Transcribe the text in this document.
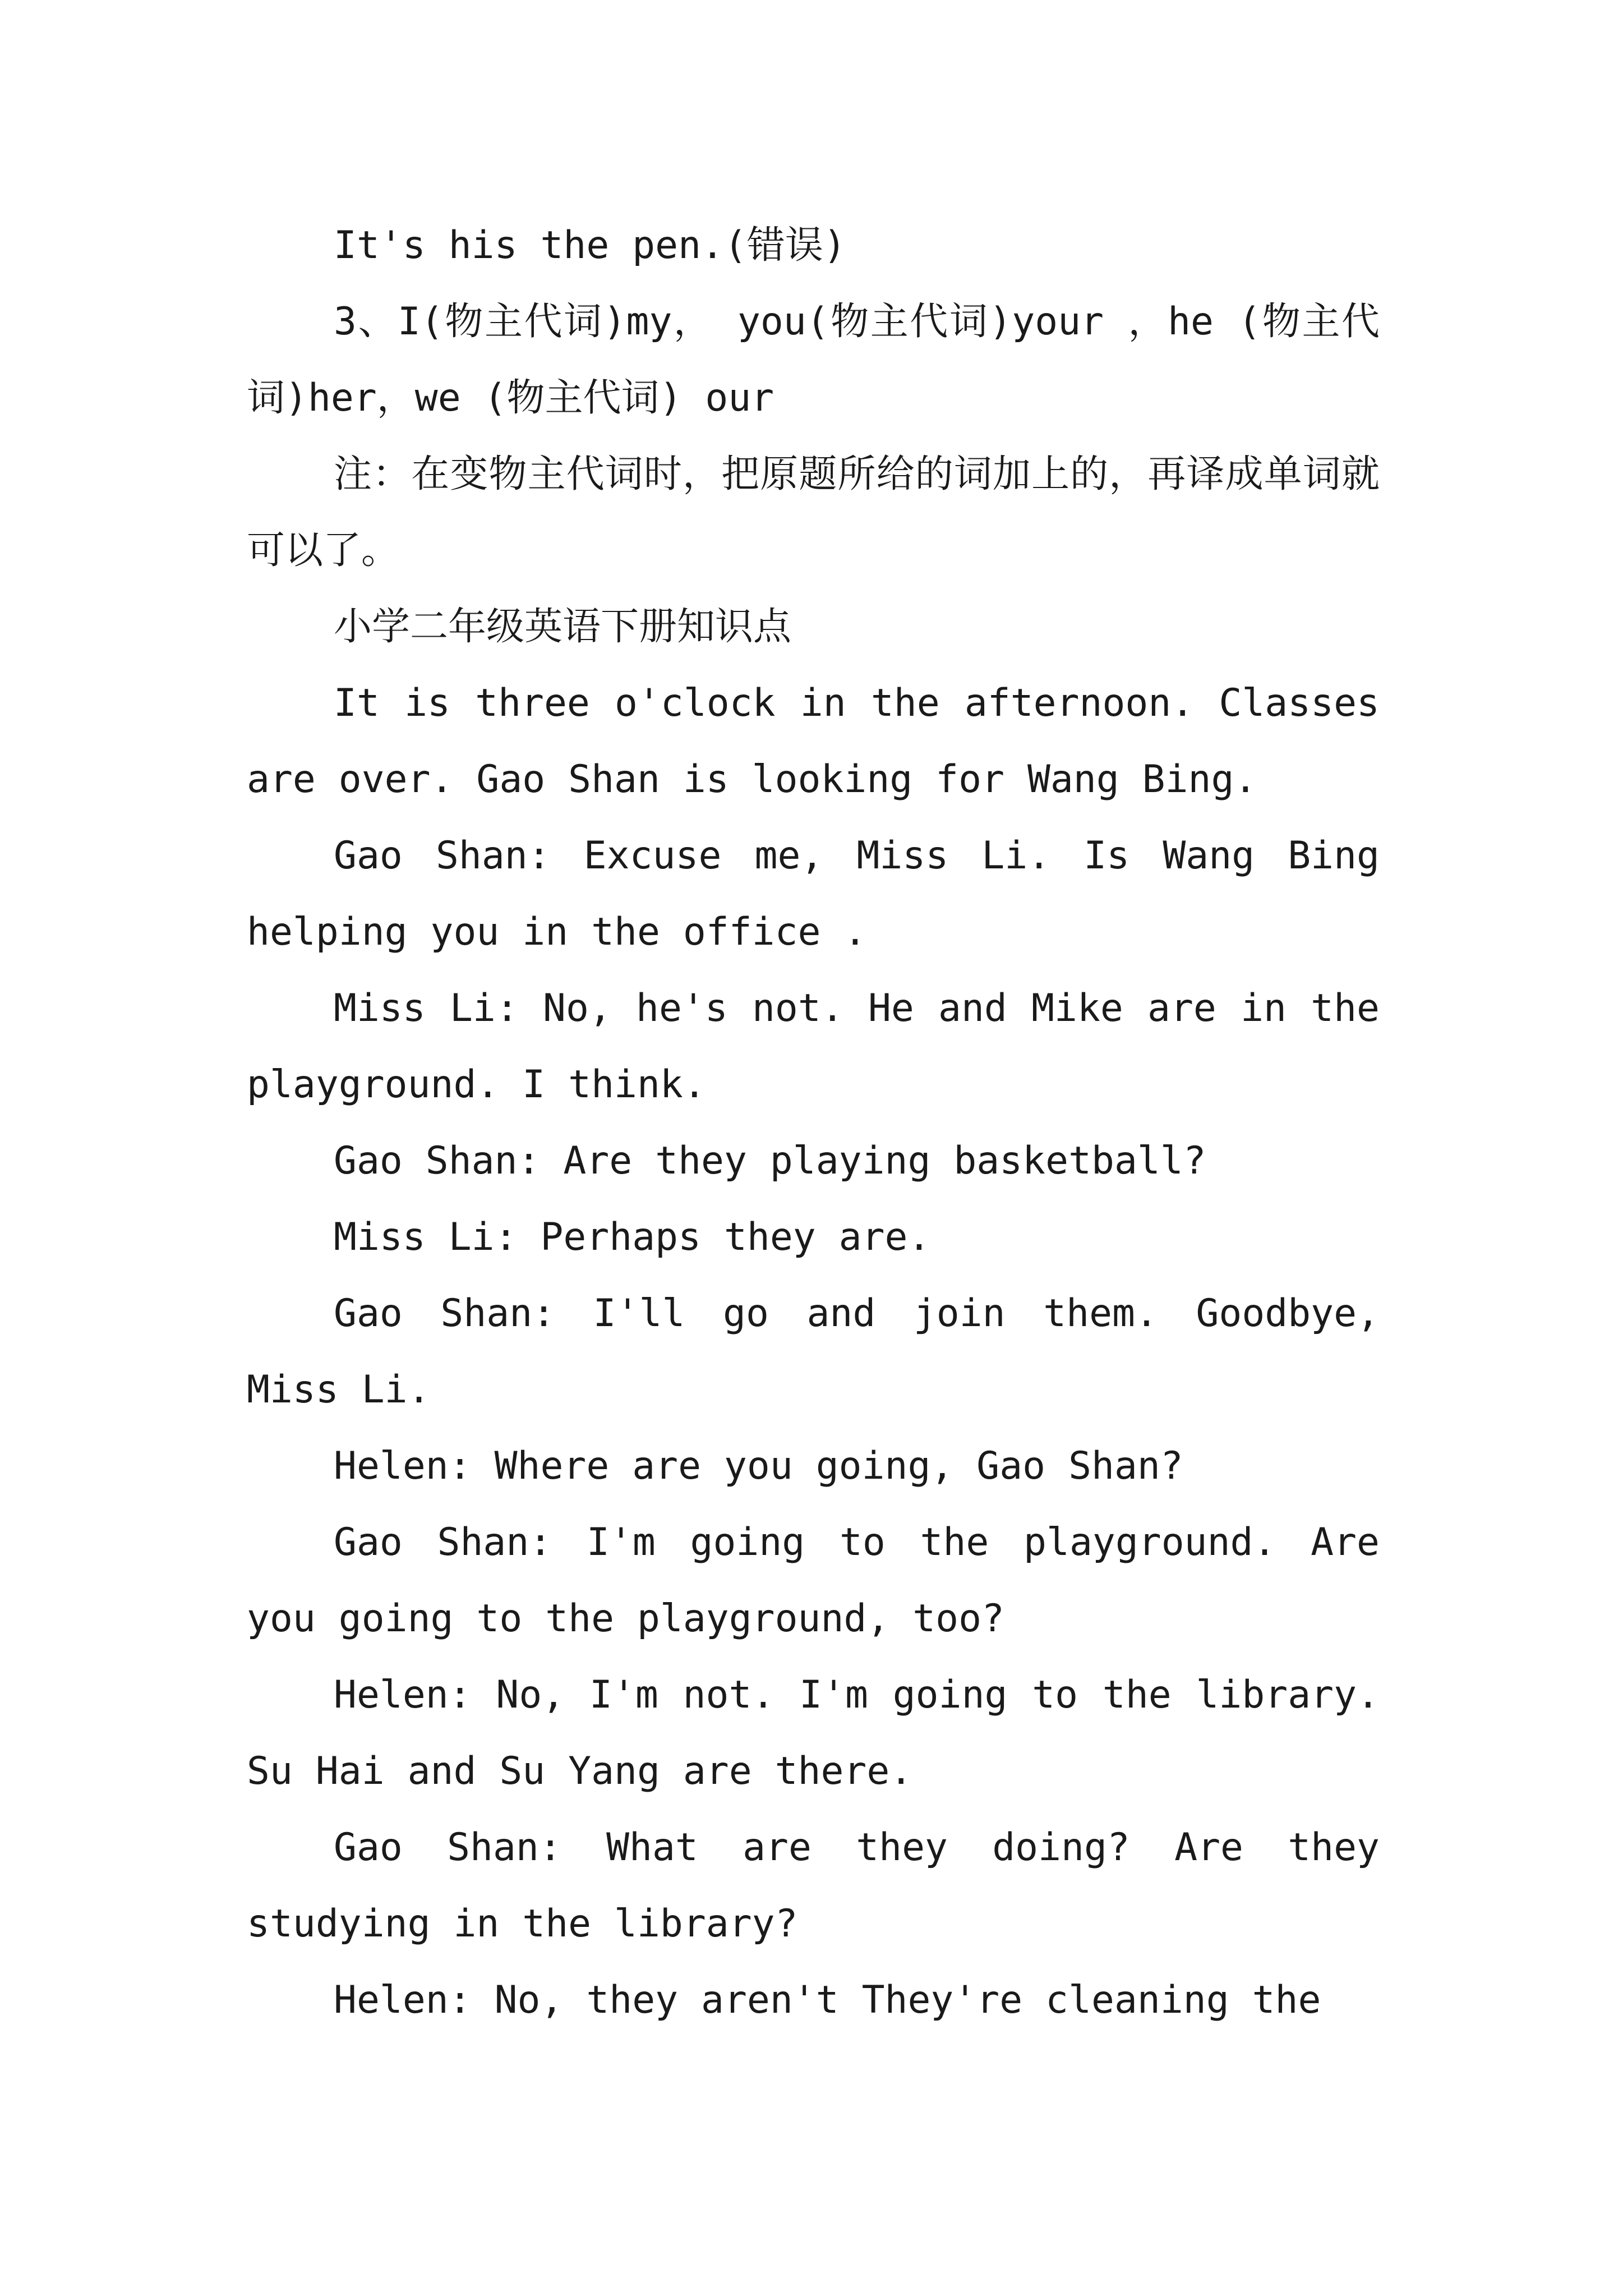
It's his the pen.(错误)

3、I(物主代词)my， you(物主代词)your ，he (物主代词)her，we (物主代词) our

注：在变物主代词时，把原题所给的词加上的，再译成单词就可以了。

小学二年级英语下册知识点

It is three o'clock in the afternoon. Classes are over. Gao Shan is looking for Wang Bing.

Gao Shan: Excuse me, Miss Li. Is Wang Bing helping you in the office .

Miss Li: No, he's not. He and Mike are in the playground. I think.

Gao Shan: Are they playing basketball?

Miss Li: Perhaps they are.

Gao Shan: I'll go and join them. Goodbye, Miss Li.

Helen: Where are you going, Gao Shan?

Gao Shan: I'm going to the playground. Are you going to the playground, too?

Helen: No, I'm not. I'm going to the library. Su Hai and Su Yang are there.

Gao Shan: What are they doing? Are they studying in the library?

Helen: No, they aren't They're cleaning the
